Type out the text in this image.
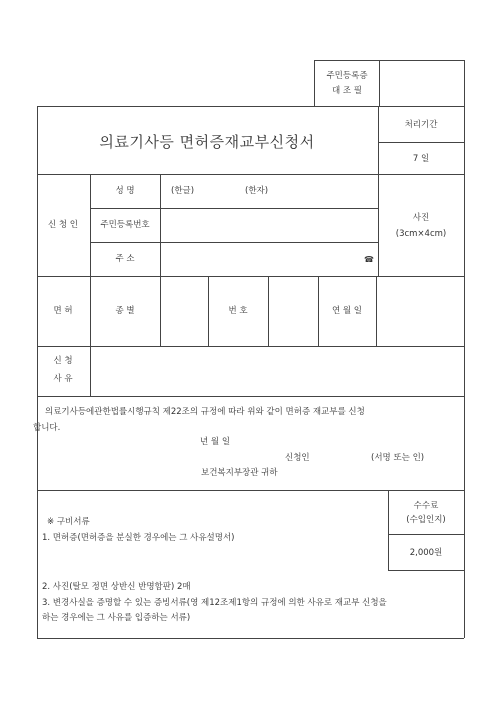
주민등록증
대 조 필
의료기사등 면허증재교부신청서
처리기간
7 일
신 청 인
성 명	(한글)	(한자)
주민등록번호
주 소	☎
사진
(3cm×4cm)
면 허	종 별	번 호	연 월 일
신 청
사 유
의료기사등에관한법률시행규칙 제22조의 규정에 따라 위와 같이 면허증 재교부를 신청
합니다.
년 월 일
신청인	(서명 또는 인)
보건복지부장관 귀하
※ 구비서류
1. 면허증(면허증을 분실한 경우에는 그 사유설명서)
2. 사진(탈모 정면 상반신 반명함판) 2매
3. 변경사실을 증명할 수 있는 증빙서류(영 제12조제1항의 규정에 의한 사유로 재교부 신청을
하는 경우에는 그 사유를 입증하는 서류)
수수료
(수입인지)
2,000원
